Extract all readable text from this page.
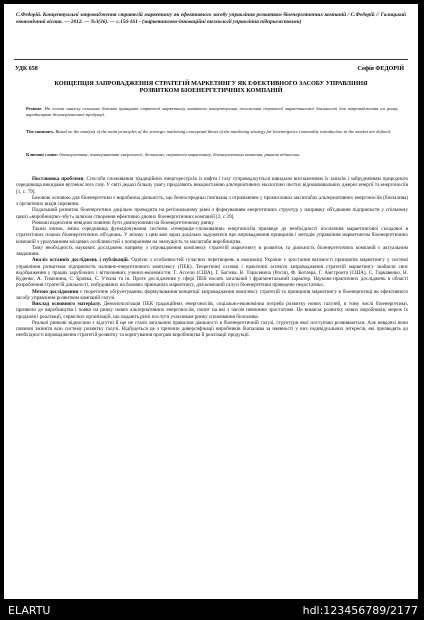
С.Федорій. Концептуальні запровадження стратегій маркетингу як ефективного засобу управління розвитком біоенергетичних компаній / С.Федорій // Галицький економічний вісник. — 2012. — №3(36). — с.156-161 - (маркетингово-інноваційні технології управління підприємствами)
УДК 658	Софія ФЕДОРІЙ
КОНЦЕПЦІЯ ЗАПРОВАДЖЕННЯ СТРАТЕГІЙ МАРКЕТИНГУ ЯК ЕФЕКТИВНОГО ЗАСОБУ УПРАВЛІННЯ РОЗВИТКОМ БІОЕНЕРГЕТИЧНИХ КОМПАНІЙ
Резюме. На основі аналізу основних базових принципів стратегії маркетингу визначено концептуальні положення стратегії маркетингової діяльності для запровадження на ринку виробництва біоенергетичної продукції.
The summary. Based on the analysis of the main principles of the strategic marketing conceptual thesis of the marketing strategy for bioenergetics commodity introduction in the market are defined.
Ключові слова: біоенергетика, альтернативні енергоносії, біопаливо, стратегія маркетингу, біоенергетична компанія, ринкові відносини.

Постановка проблеми. Способи споживання традиційних енергоресурсів із нафти і газу супроводжується швидким виснаженням їх запасів і забрудненням природного середовища викидами вуглекислого газу. У світі дедалі більшу увагу приділяють використанню альтернативних екологічно чистих відновлювальних джерел енергії та енергоносіїв [1, с. 79].

Базовою основою для біоенергетики є виробнича діяльність, що безпосередньо пов'язана з отриманням у промислових масштабах альтернативних енергоносіїв (біопалива) з органічних видів сировини.

Подальший розвиток біоенергетики доцільно проводити на регіональному рівні з формуванням енергетичних структур у напрямку об'єднання підприємств у спільному циклі «виробництво–збут» шляхом створення ефективно діючих біоенергетичних компаній [2, с.39].

Ринкові відносини невідомі повинні бути домінуючими на біоенергетичному ринку.

Таким чином, зміна середовища функціонування системи «генерація–споживання» енергоносіїв призведе до необхідності посилення маркетингової складової в стратегічних планах біоенергетичних об'єднань. У зв'язку з цим вже зараз доцільно задуматися про впровадження принципів і методів управління маркетингом біоенергетичних компаній з урахуванням місцевих особливостей з попиранням на значущість та масштаби виробництва.

Тому необхідність наукових досліджень напряму з упровадження комплексу стратегій маркетингу в розвиток та діяльність біоенергетичних компаній є актуальним завданням.

Аналіз останніх досліджень і публікацій. Однією з особливостей сучасних перетворень в економіці України є зростання вагомості принципів маркетингу у системі управління розвитком підприємств паливно-енергетичного комплексу (ПЕК). Теоретичні основи і практичні аспекти запровадження стратегій маркетингу знайшли своє відображення у працях зарубіжних і вітчизняних учених-економістів: Г. Ассели (США), Г. Багієва, В. Тарасевича (Росія), Ф. Котлера, Г. Амстронга (США), С. Гаркавенко, Н. Куденко, А. Тимонина, С. Бровка, С. Уткіна та ін. Проте дослідження у сфері ПЕК носять загальний і фрагментальний характер. Науково-практичних досліджень в області розроблення стратегій діяльності, побудованих на базових принципах маркетингу, для компаній галузі біоенергетики проведено недостатньо.

Метою дослідження є теоретичне обґрунтування, формулювання концепції запровадження комплексу стратегій та принципів маркетингу в біоенергетиці як ефективного засобу управління розвитком компаній галузі.

Виклад основного матеріалу. Демонополізація ПЕК традиційних енергоносіїв, соціально-економічна потреба розвитку нових галузей, в тому числі біоенергетики, призвели до виробництва і появи на ринку нових альтернативних енергоносіїв, попит на які з часом невпинно зростатиме. Це вимагає розвитку нових виробників, мереж їх продажів і реалізації, сервісних організацій, що надають різні послуги учасникам ринку споживання біопалива.

Реальні ринкові відносини є відсутні й ще не стали загальним правилом діяльності в біоенергетичній галузі, структури якої поступово розвиваються. Але невдовзі вони повинні змінити всю систему розвитку галузі. Відбудеться це з причини диверсифікації виробників біопалива за наявності у них індивідуальних інтересів, які призводять до необхідності впровадження стратегій розвитку та коригування програм виробництва й реалізації продукції.

ELARTU	hdl:123456789/2177
